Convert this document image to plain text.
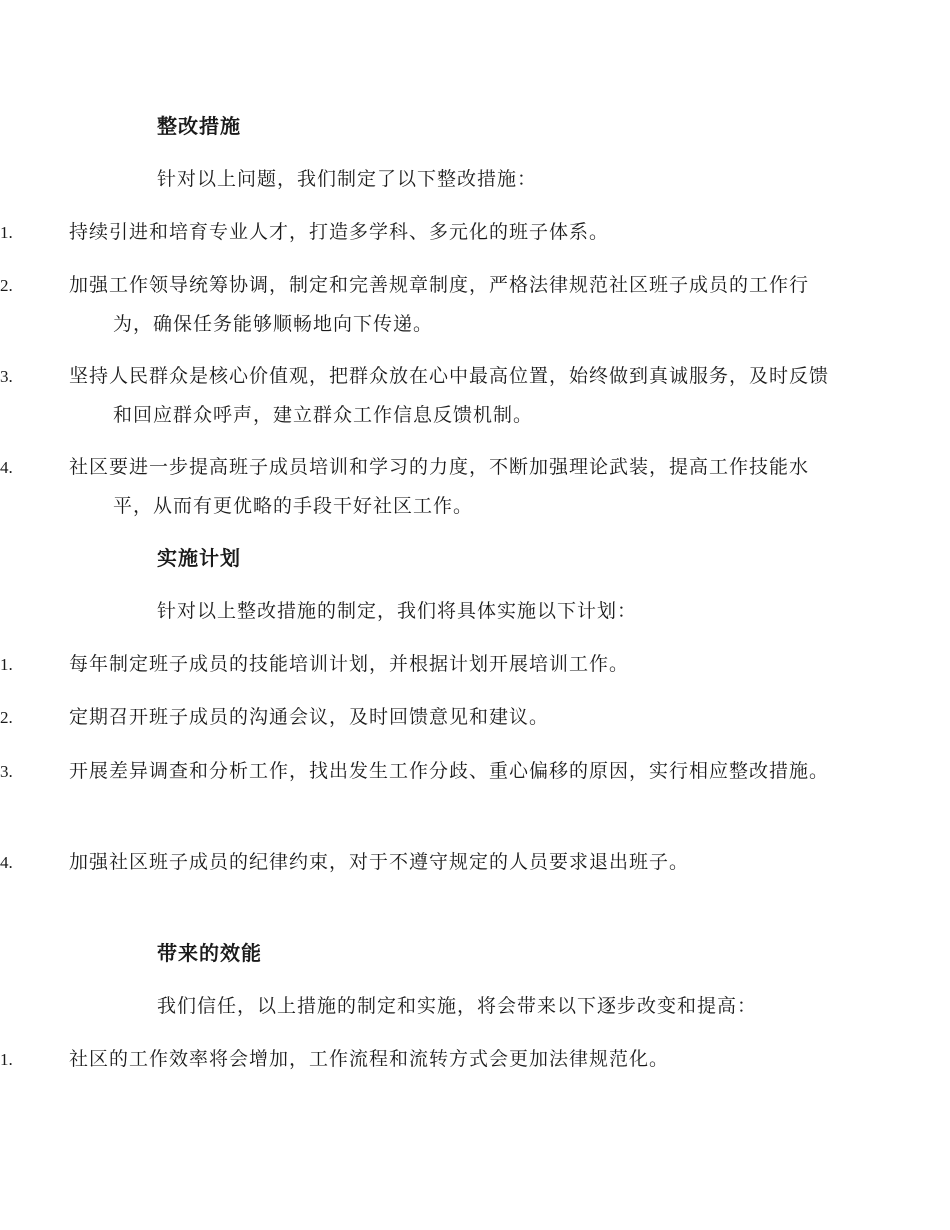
整改措施
针对以上问题，我们制定了以下整改措施：
1.	持续引进和培育专业人才，打造多学科、多元化的班子体系。
2.	加强工作领导统筹协调，制定和完善规章制度，严格法律规范社区班子成员的工作行为，确保任务能够顺畅地向下传递。
3.	坚持人民群众是核心价值观，把群众放在心中最高位置，始终做到真诚服务，及时反馈和回应群众呼声，建立群众工作信息反馈机制。
4.	社区要进一步提高班子成员培训和学习的力度，不断加强理论武装，提高工作技能水平，从而有更优略的手段干好社区工作。
实施计划
针对以上整改措施的制定，我们将具体实施以下计划：
1.	每年制定班子成员的技能培训计划，并根据计划开展培训工作。
2.	定期召开班子成员的沟通会议，及时回馈意见和建议。
3.	开展差异调查和分析工作，找出发生工作分歧、重心偏移的原因，实行相应整改措施。
4.	加强社区班子成员的纪律约束，对于不遵守规定的人员要求退出班子。
带来的效能
我们信任，以上措施的制定和实施，将会带来以下逐步改变和提高：
1.	社区的工作效率将会增加，工作流程和流转方式会更加法律规范化。
